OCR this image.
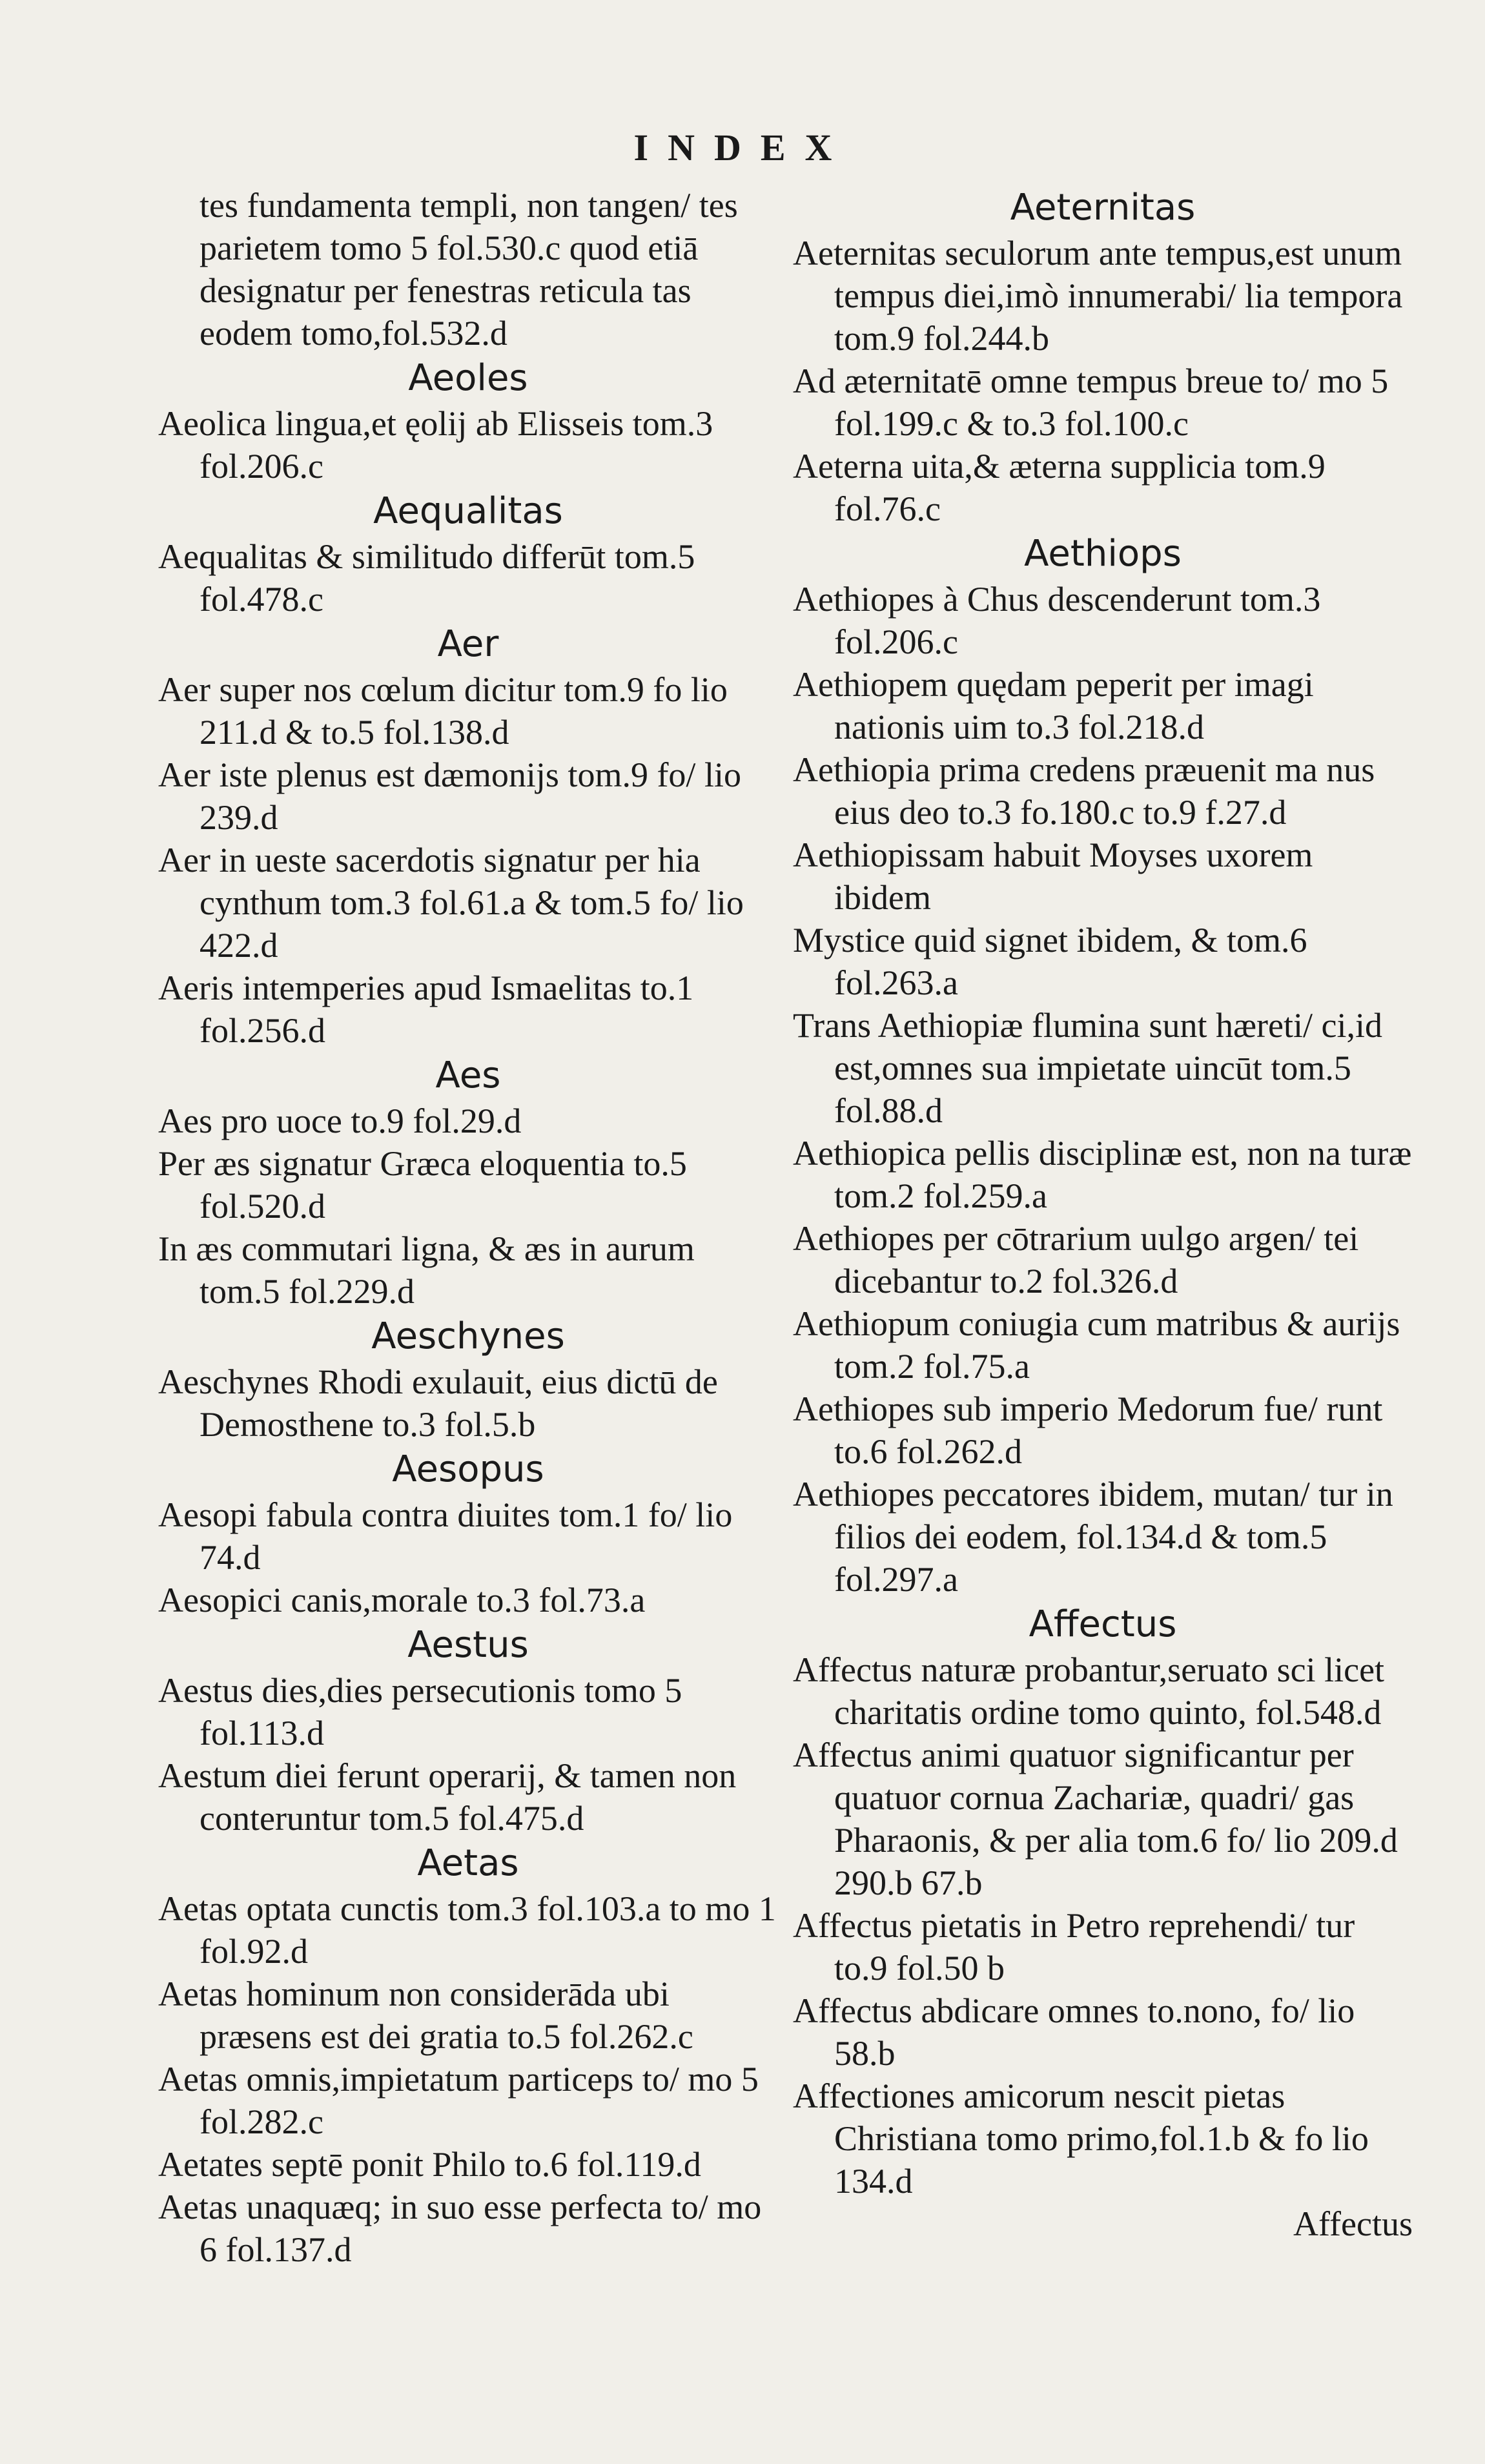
INDEX

tes fundamenta templi, non tangen/ tes parietem tomo 5 fol.530.c quod etiā designatur per fenestras reticula tas eodem tomo,fol.532.d

Aeoles

Aeolica lingua,et ęolij ab Elisseis tom.3 fol.206.c

Aequalitas

Aequalitas & similitudo differūt tom.5 fol.478.c

Aer

Aer super nos cœlum dicitur tom.9 fo lio 211.d & to.5 fol.138.d

Aer iste plenus est dæmonijs tom.9 fo/ lio 239.d

Aer in ueste sacerdotis signatur per hia cynthum tom.3 fol.61.a & tom.5 fo/ lio 422.d

Aeris intemperies apud Ismaelitas to.1 fol.256.d

Aes

Aes pro uoce to.9 fol.29.d

Per æs signatur Græca eloquentia to.5 fol.520.d

In æs commutari ligna, & æs in aurum tom.5 fol.229.d

Aeschynes

Aeschynes Rhodi exulauit, eius dictū de Demosthene to.3 fol.5.b

Aesopus

Aesopi fabula contra diuites tom.1 fo/ lio 74.d

Aesopici canis,morale to.3 fol.73.a

Aestus

Aestus dies,dies persecutionis tomo 5 fol.113.d

Aestum diei ferunt operarij, & tamen non conteruntur tom.5 fol.475.d

Aetas

Aetas optata cunctis tom.3 fol.103.a to mo 1 fol.92.d

Aetas hominum non considerāda ubi præsens est dei gratia to.5 fol.262.c

Aetas omnis,impietatum particeps to/ mo 5 fol.282.c

Aetates septē ponit Philo to.6 fol.119.d

Aetas unaquæq; in suo esse perfecta to/ mo 6 fol.137.d

Aeternitas

Aeternitas seculorum ante tempus,est unum tempus diei,imò innumerabi/ lia tempora tom.9 fol.244.b

Ad æternitatē omne tempus breue to/ mo 5 fol.199.c & to.3 fol.100.c

Aeterna uita,& æterna supplicia tom.9 fol.76.c

Aethiops

Aethiopes à Chus descenderunt tom.3 fol.206.c

Aethiopem quędam peperit per imagi nationis uim to.3 fol.218.d

Aethiopia prima credens præuenit ma nus eius deo to.3 fo.180.c to.9 f.27.d

Aethiopissam habuit Moyses uxorem ibidem

Mystice quid signet ibidem, & tom.6 fol.263.a

Trans Aethiopiæ flumina sunt hæreti/ ci,id est,omnes sua impietate uincūt tom.5 fol.88.d

Aethiopica pellis disciplinæ est, non na turæ tom.2 fol.259.a

Aethiopes per cōtrarium uulgo argen/ tei dicebantur to.2 fol.326.d

Aethiopum coniugia cum matribus & aurijs tom.2 fol.75.a

Aethiopes sub imperio Medorum fue/ runt to.6 fol.262.d

Aethiopes peccatores ibidem, mutan/ tur in filios dei eodem, fol.134.d & tom.5 fol.297.a

Affectus

Affectus naturæ probantur,seruato sci licet charitatis ordine tomo quinto, fol.548.d

Affectus animi quatuor significantur per quatuor cornua Zachariæ, quadri/ gas Pharaonis, & per alia tom.6 fo/ lio 209.d 290.b 67.b

Affectus pietatis in Petro reprehendi/ tur to.9 fol.50 b

Affectus abdicare omnes to.nono, fo/ lio 58.b

Affectiones amicorum nescit pietas Christiana tomo primo,fol.1.b & fo lio 134.d

Affectus
